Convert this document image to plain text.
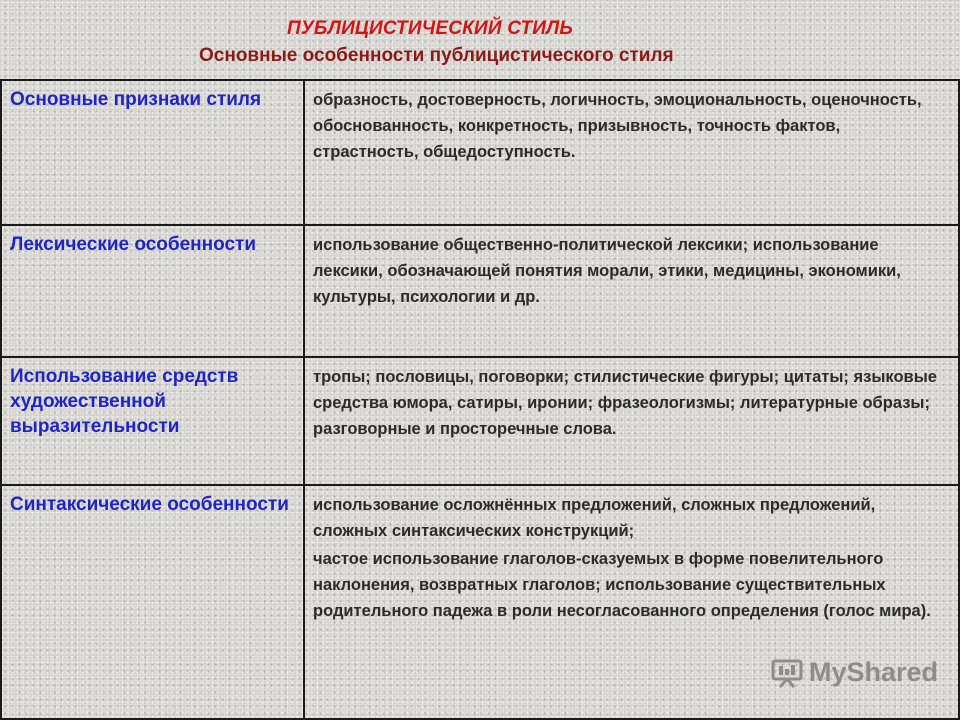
ПУБЛИЦИСТИЧЕСКИЙ СТИЛЬ
Основные особенности публицистического стиля
Основные признаки стиля	образность, достоверность, логичность, эмоциональность, оценочность, обоснованность, конкретность, призывность, точность фактов, страстность, общедоступность.

Лексические особенности	использование общественно-политической лексики; использование лексики, обозначающей понятия морали, этики, медицины, экономики, культуры, психологии и др.

Использование средств художественной выразительности	тропы; пословицы, поговорки; стилистические фигуры; цитаты; языковые средства юмора, сатиры, иронии; фразеологизмы; литературные образы; разговорные и просторечные слова.

Синтаксические особенности	использование осложнённых предложений, сложных предложений, сложных синтаксических конструкций;

частое использование глаголов-сказуемых в форме повелительного наклонения, возвратных глаголов; использование существительных родительного падежа в роли несогласованного определения (голос мира).

MyShared
